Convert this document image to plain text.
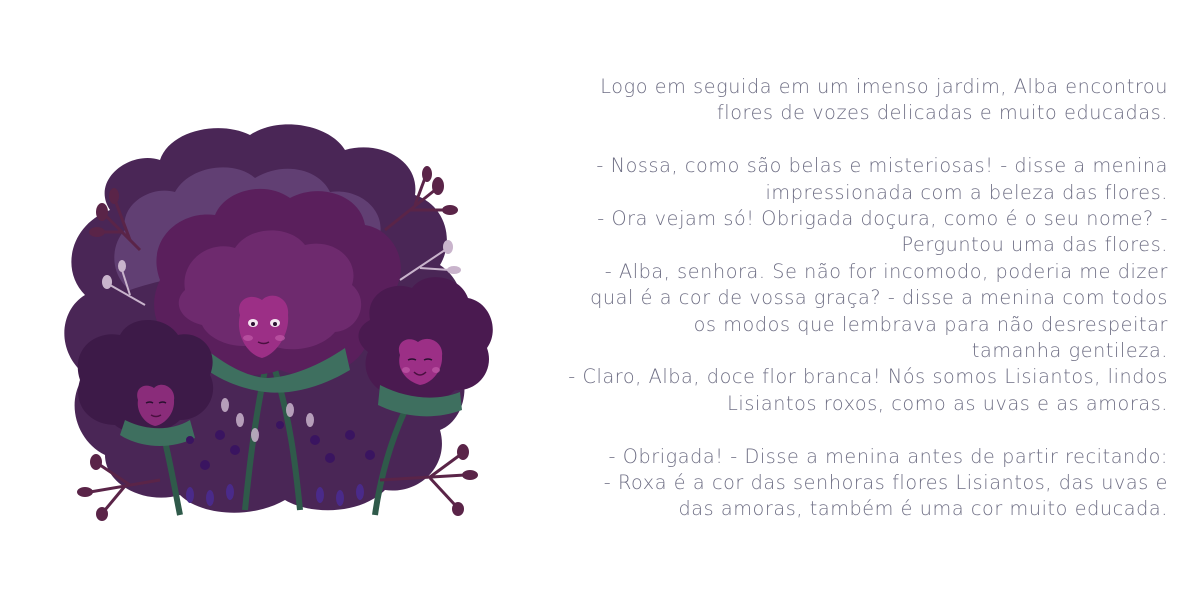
Logo em seguida em um imenso jardim, Alba encontrou

flores de vozes delicadas e muito educadas.

- Nossa, como são belas e misteriosas! - disse a menina

impressionada com a beleza das flores.

- Ora vejam só! Obrigada doçura, como é o seu nome? -

Perguntou uma das flores.

- Alba, senhora. Se não for incomodo, poderia me dizer

qual é a cor de vossa graça? - disse a menina com todos

os modos que lembrava para não desrespeitar

tamanha gentileza.

- Claro, Alba, doce flor branca! Nós somos Lisiantos, lindos

Lisiantos roxos, como as uvas e as amoras.

- Obrigada! - Disse a menina antes de partir recitando:

- Roxa é a cor das senhoras flores Lisiantos, das uvas e

das amoras, também é uma cor muito educada.
